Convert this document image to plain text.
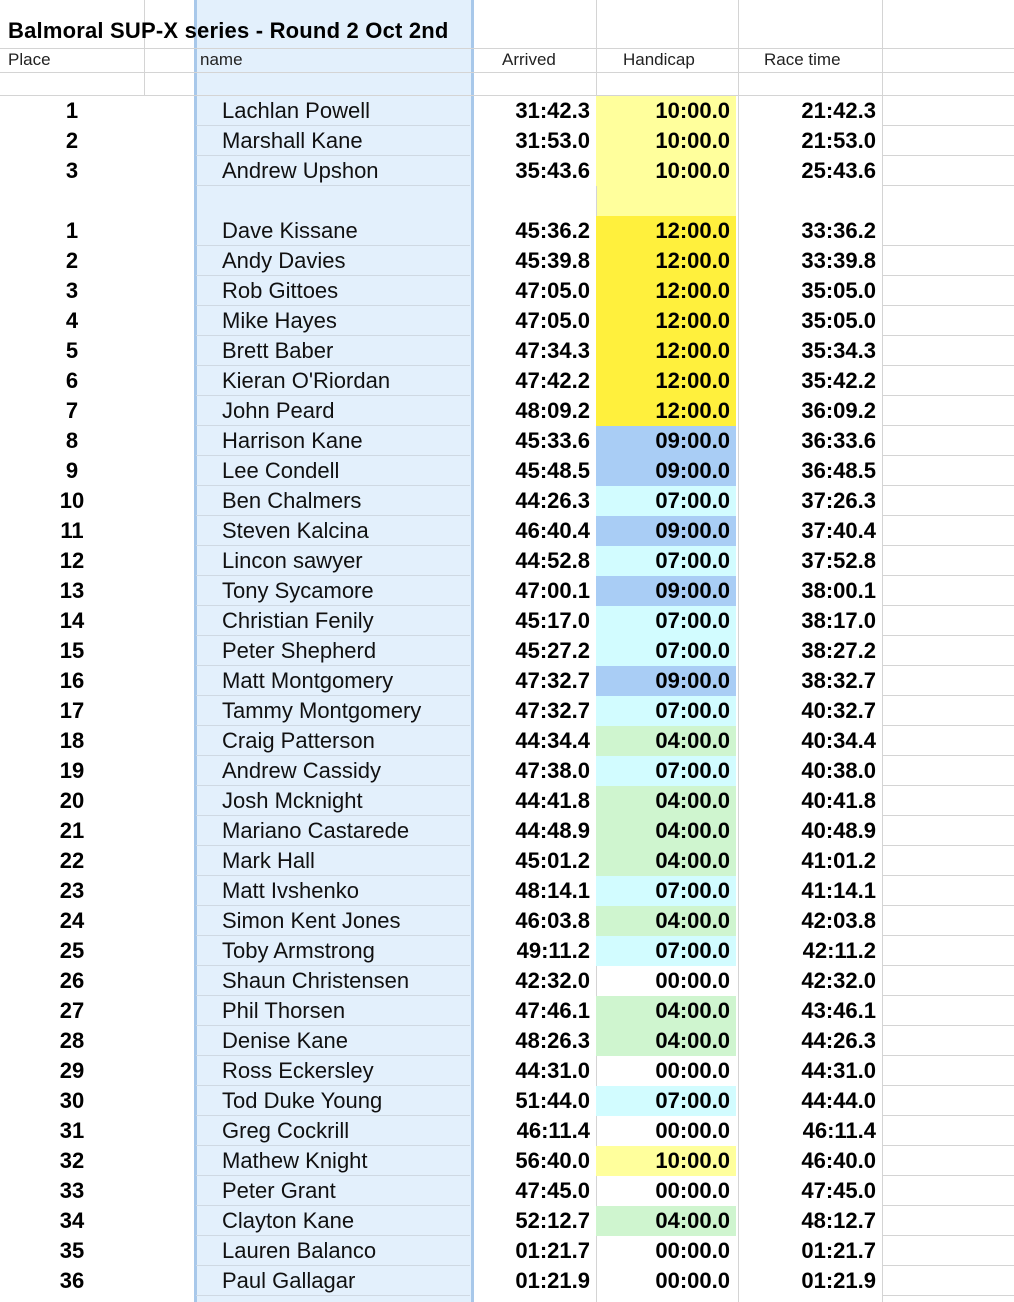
Balmoral SUP-X series - Round 2 Oct 2nd
Place	name	Arrived	Handicap	Race time
1	Lachlan Powell	31:42.3	10:00.0	21:42.3
2	Marshall Kane	31:53.0	10:00.0	21:53.0
3	Andrew Upshon	35:43.6	10:00.0	25:43.6
1	Dave Kissane	45:36.2	12:00.0	33:36.2
2	Andy Davies	45:39.8	12:00.0	33:39.8
3	Rob Gittoes	47:05.0	12:00.0	35:05.0
4	Mike Hayes	47:05.0	12:00.0	35:05.0
5	Brett Baber	47:34.3	12:00.0	35:34.3
6	Kieran O'Riordan	47:42.2	12:00.0	35:42.2
7	John Peard	48:09.2	12:00.0	36:09.2
8	Harrison Kane	45:33.6	09:00.0	36:33.6
9	Lee Condell	45:48.5	09:00.0	36:48.5
10	Ben Chalmers	44:26.3	07:00.0	37:26.3
11	Steven Kalcina	46:40.4	09:00.0	37:40.4
12	Lincon sawyer	44:52.8	07:00.0	37:52.8
13	Tony Sycamore	47:00.1	09:00.0	38:00.1
14	Christian Fenily	45:17.0	07:00.0	38:17.0
15	Peter Shepherd	45:27.2	07:00.0	38:27.2
16	Matt Montgomery	47:32.7	09:00.0	38:32.7
17	Tammy Montgomery	47:32.7	07:00.0	40:32.7
18	Craig Patterson	44:34.4	04:00.0	40:34.4
19	Andrew Cassidy	47:38.0	07:00.0	40:38.0
20	Josh Mcknight	44:41.8	04:00.0	40:41.8
21	Mariano Castarede	44:48.9	04:00.0	40:48.9
22	Mark Hall	45:01.2	04:00.0	41:01.2
23	Matt Ivshenko	48:14.1	07:00.0	41:14.1
24	Simon Kent Jones	46:03.8	04:00.0	42:03.8
25	Toby Armstrong	49:11.2	07:00.0	42:11.2
26	Shaun Christensen	42:32.0	00:00.0	42:32.0
27	Phil Thorsen	47:46.1	04:00.0	43:46.1
28	Denise Kane	48:26.3	04:00.0	44:26.3
29	Ross Eckersley	44:31.0	00:00.0	44:31.0
30	Tod Duke Young	51:44.0	07:00.0	44:44.0
31	Greg Cockrill	46:11.4	00:00.0	46:11.4
32	Mathew Knight	56:40.0	10:00.0	46:40.0
33	Peter Grant	47:45.0	00:00.0	47:45.0
34	Clayton Kane	52:12.7	04:00.0	48:12.7
35	Lauren Balanco	01:21.7	00:00.0	01:21.7
36	Paul Gallagar	01:21.9	00:00.0	01:21.9
